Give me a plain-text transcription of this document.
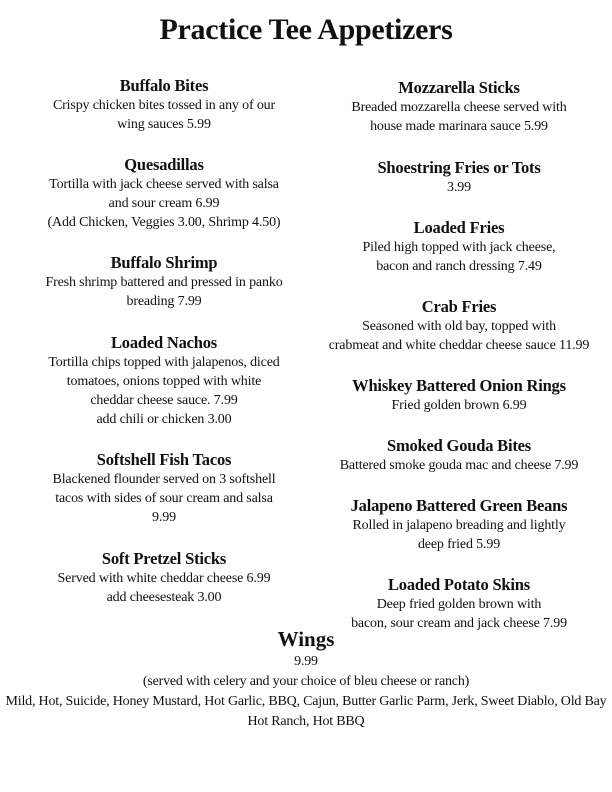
Practice Tee Appetizers
Buffalo Bites
Crispy chicken bites tossed in any of our
wing sauces 5.99
Quesadillas
Tortilla with jack cheese served with salsa
and sour cream 6.99
(Add Chicken, Veggies 3.00, Shrimp 4.50)
Buffalo Shrimp
Fresh shrimp battered and pressed in panko
breading 7.99
Loaded Nachos
Tortilla chips topped with jalapenos, diced
tomatoes, onions topped with white
cheddar cheese sauce. 7.99
add chili or chicken 3.00
Softshell Fish Tacos
Blackened flounder served on 3 softshell
tacos with sides of sour cream and salsa
9.99
Soft Pretzel Sticks
Served with white cheddar cheese 6.99
add cheesesteak 3.00
Mozzarella Sticks
Breaded mozzarella cheese served with
house made marinara sauce 5.99
Shoestring Fries or Tots
3.99
Loaded Fries
Piled high topped with jack cheese,
bacon and ranch dressing 7.49
Crab Fries
Seasoned with old bay, topped with
crabmeat and white cheddar cheese sauce 11.99
Whiskey Battered Onion Rings
Fried golden brown 6.99
Smoked Gouda Bites
Battered smoke gouda mac and cheese 7.99
Jalapeno Battered Green Beans
Rolled in jalapeno breading and lightly
deep fried 5.99
Loaded Potato Skins
Deep fried golden brown with
bacon, sour cream and jack cheese 7.99
Wings
9.99
(served with celery and your choice of bleu cheese or ranch)
Mild, Hot, Suicide, Honey Mustard, Hot Garlic, BBQ, Cajun, Butter Garlic Parm, Jerk, Sweet Diablo, Old Bay
Hot Ranch, Hot BBQ
